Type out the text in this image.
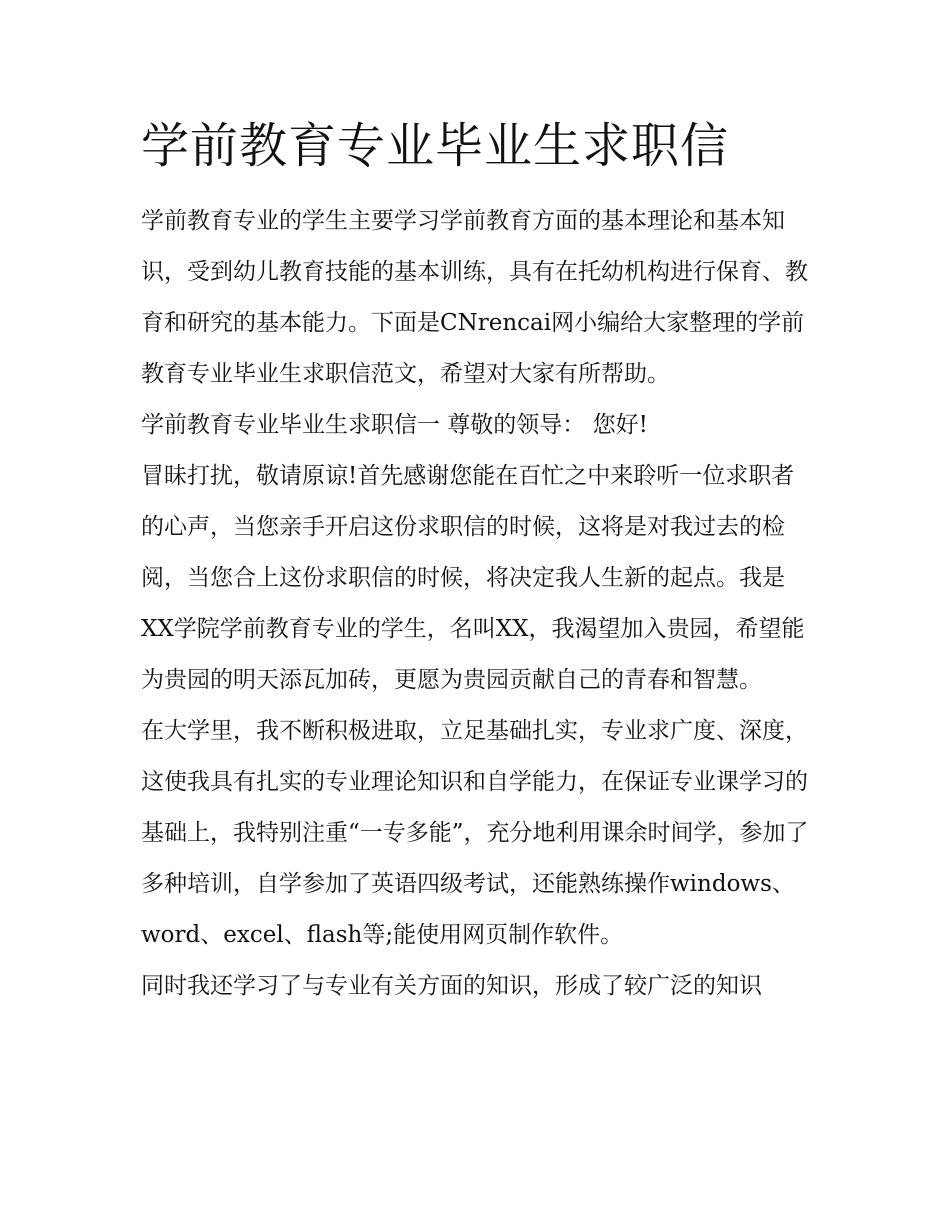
学前教育专业毕业生求职信

学前教育专业的学生主要学习学前教育方面的基本理论和基本知识，受到幼儿教育技能的基本训练，具有在托幼机构进行保育、教育和研究的基本能力。下面是CNrencai网小编给大家整理的学前教育专业毕业生求职信范文，希望对大家有所帮助。

学前教育专业毕业生求职信一 尊敬的领导： 您好!

冒昧打扰，敬请原谅!首先感谢您能在百忙之中来聆听一位求职者的心声，当您亲手开启这份求职信的时候，这将是对我过去的检阅，当您合上这份求职信的时候，将决定我人生新的起点。我是XX学院学前教育专业的学生，名叫XX，我渴望加入贵园，希望能为贵园的明天添瓦加砖，更愿为贵园贡献自己的青春和智慧。

在大学里，我不断积极进取，立足基础扎实，专业求广度、深度，这使我具有扎实的专业理论知识和自学能力，在保证专业课学习的基础上，我特别注重“一专多能”，充分地利用课余时间学，参加了多种培训，自学参加了英语四级考试，还能熟练操作windows、word、excel、flash等;能使用网页制作软件。

同时我还学习了与专业有关方面的知识，形成了较广泛的知识
